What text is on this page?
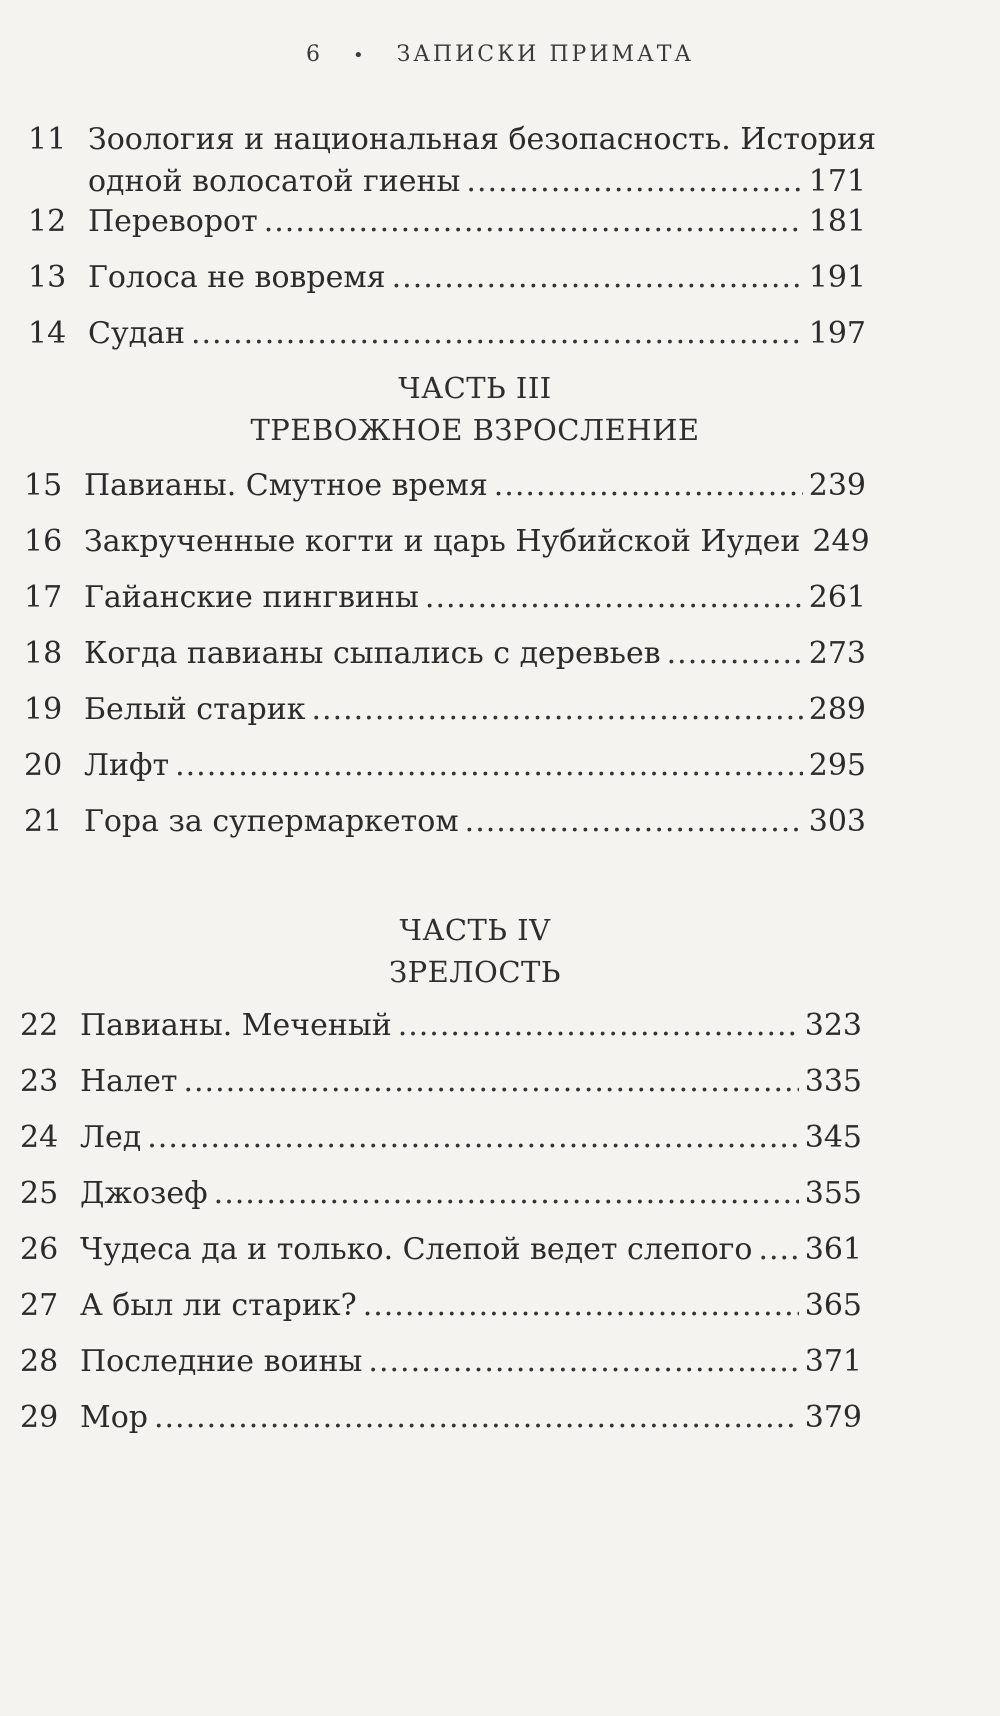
6 • ЗАПИСКИ ПРИМАТА
11 Зоология и национальная безопасность. История
одной волосатой гиены .....	171
12 Переворот .....	181
13 Голоса не вовремя .....	191
14 Судан .....	197
ЧАСТЬ III
ТРЕВОЖНОЕ ВЗРОСЛЕНИЕ
15 Павианы. Смутное время .....	239
16 Закрученные когти и царь Нубийской Иудеи 249
17 Гайанские пингвины .....	261
18 Когда павианы сыпались с деревьев .....	273
19 Белый старик .....	289
20 Лифт .....	295
21 Гора за супермаркетом .....	303
ЧАСТЬ IV
ЗРЕЛОСТЬ
22 Павианы. Меченый .....	323
23 Налет .....	335
24 Лед .....	345
25 Джозеф .....	355
26 Чудеса да и только. Слепой ведет слепого ..... 361
27 А был ли старик? .....	365
28 Последние воины .....	371
29 Мор .....	379
